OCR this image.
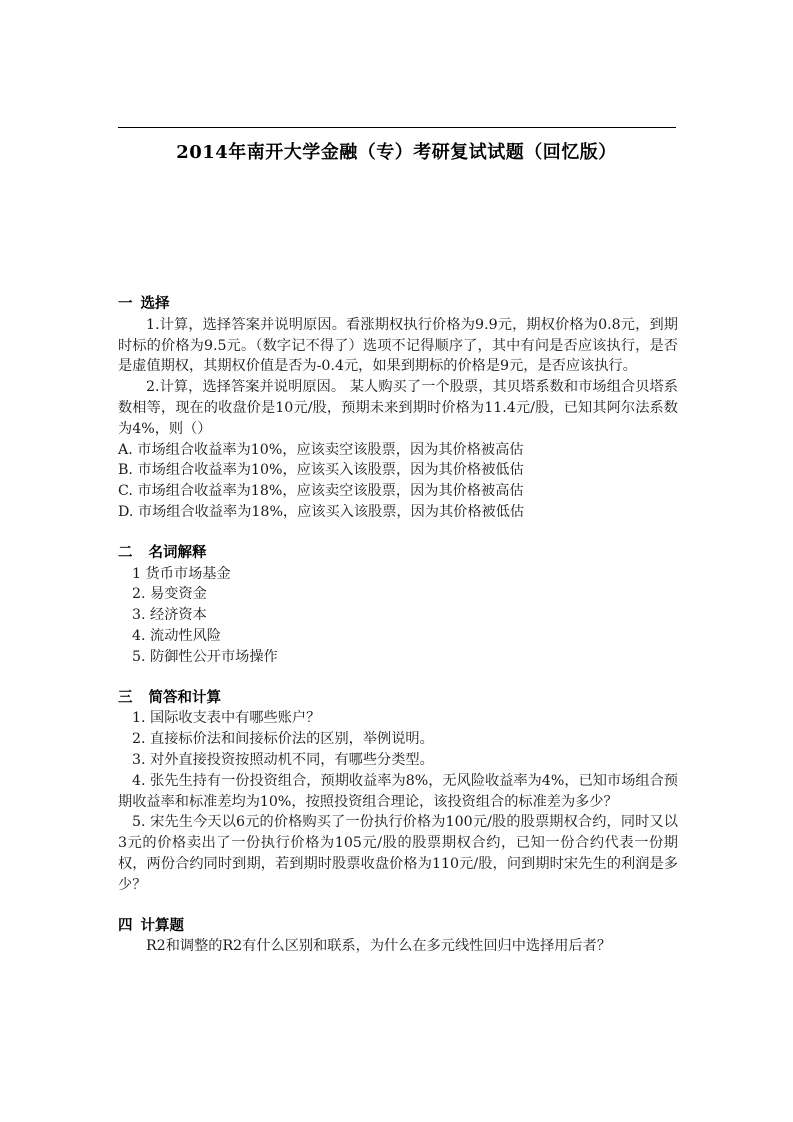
2014年南开大学金融（专）考研复试试题（回忆版）
一 选择
1.计算，选择答案并说明原因。看涨期权执行价格为9.9元，期权价格为0.8元，到期时标的价格为9.5元。（数字记不得了）选项不记得顺序了，其中有问是否应该执行，是否是虚值期权，其期权价值是否为-0.4元，如果到期标的价格是9元，是否应该执行。
2.计算，选择答案并说明原因。 某人购买了一个股票，其贝塔系数和市场组合贝塔系数相等，现在的收盘价是10元/股，预期未来到期时价格为11.4元/股，已知其阿尔法系数为4%，则（）
A. 市场组合收益率为10%，应该卖空该股票，因为其价格被高估
B. 市场组合收益率为10%，应该买入该股票，因为其价格被低估
C. 市场组合收益率为18%，应该卖空该股票，因为其价格被高估
D. 市场组合收益率为18%，应该买入该股票，因为其价格被低估
二 名词解释
1 货币市场基金
2. 易变资金
3. 经济资本
4. 流动性风险
5. 防御性公开市场操作
三 简答和计算
1. 国际收支表中有哪些账户？
2. 直接标价法和间接标价法的区别，举例说明。
3. 对外直接投资按照动机不同，有哪些分类型。
4. 张先生持有一份投资组合，预期收益率为8%，无风险收益率为4%，已知市场组合预期收益率和标准差均为10%，按照投资组合理论，该投资组合的标准差为多少？
5. 宋先生今天以6元的价格购买了一份执行价格为100元/股的股票期权合约，同时又以3元的价格卖出了一份执行价格为105元/股的股票期权合约，已知一份合约代表一份期权，两份合约同时到期，若到期时股票收盘价格为110元/股，问到期时宋先生的利润是多少？
四 计算题
R2和调整的R2有什么区别和联系，为什么在多元线性回归中选择用后者？
